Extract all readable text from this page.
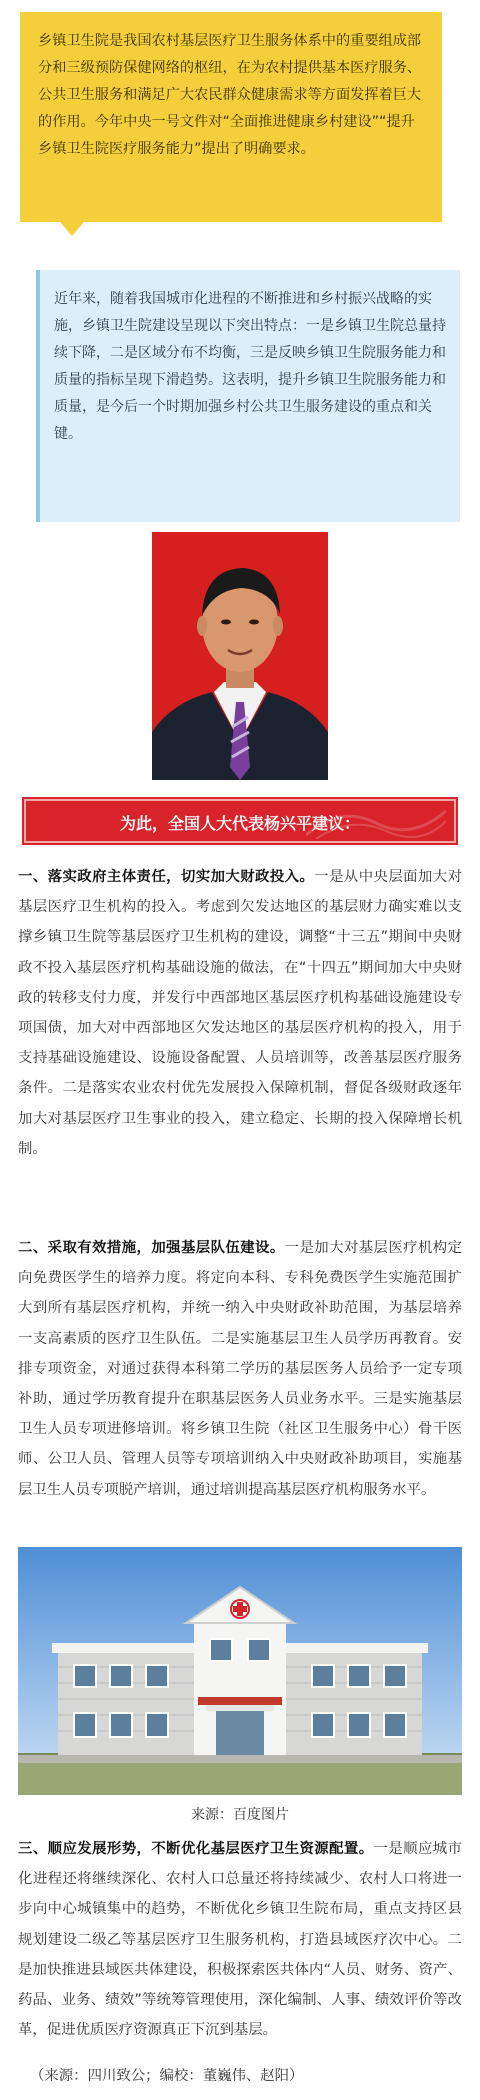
乡镇卫生院是我国农村基层医疗卫生服务体系中的重要组成部分和三级预防保健网络的枢纽，在为农村提供基本医疗服务、公共卫生服务和满足广大农民群众健康需求等方面发挥着巨大的作用。今年中央一号文件对“全面推进健康乡村建设”“提升乡镇卫生院医疗服务能力”提出了明确要求。

近年来，随着我国城市化进程的不断推进和乡村振兴战略的实施，乡镇卫生院建设呈现以下突出特点：一是乡镇卫生院总量持续下降，二是区域分布不均衡，三是反映乡镇卫生院服务能力和质量的指标呈现下滑趋势。这表明，提升乡镇卫生院服务能力和质量，是今后一个时期加强乡村公共卫生服务建设的重点和关键。

为此，全国人大代表杨兴平建议：

一、落实政府主体责任，切实加大财政投入。一是从中央层面加大对基层医疗卫生机构的投入。考虑到欠发达地区的基层财力确实难以支撑乡镇卫生院等基层医疗卫生机构的建设，调整“十三五”期间中央财政不投入基层医疗机构基础设施的做法，在“十四五”期间加大中央财政的转移支付力度，并发行中西部地区基层医疗机构基础设施建设专项国债，加大对中西部地区欠发达地区的基层医疗机构的投入，用于支持基础设施建设、设施设备配置、人员培训等，改善基层医疗服务条件。二是落实农业农村优先发展投入保障机制，督促各级财政逐年加大对基层医疗卫生事业的投入，建立稳定、长期的投入保障增长机制。

二、采取有效措施，加强基层队伍建设。一是加大对基层医疗机构定向免费医学生的培养力度。将定向本科、专科免费医学生实施范围扩大到所有基层医疗机构，并统一纳入中央财政补助范围，为基层培养一支高素质的医疗卫生队伍。二是实施基层卫生人员学历再教育。安排专项资金，对通过获得本科第二学历的基层医务人员给予一定专项补助，通过学历教育提升在职基层医务人员业务水平。三是实施基层卫生人员专项进修培训。将乡镇卫生院（社区卫生服务中心）骨干医师、公卫人员、管理人员等专项培训纳入中央财政补助项目，实施基层卫生人员专项脱产培训，通过培训提高基层医疗机构服务水平。

来源：百度图片

三、顺应发展形势，不断优化基层医疗卫生资源配置。一是顺应城市化进程还将继续深化、农村人口总量还将持续减少、农村人口将进一步向中心城镇集中的趋势，不断优化乡镇卫生院布局，重点支持区县规划建设二级乙等基层医疗卫生服务机构，打造县域医疗次中心。二是加快推进县域医共体建设，积极探索医共体内“人员、财务、资产、药品、业务、绩效”等统筹管理使用，深化编制、人事、绩效评价等改革，促进优质医疗资源真正下沉到基层。

（来源：四川致公；编校：董巍伟、赵阳）
